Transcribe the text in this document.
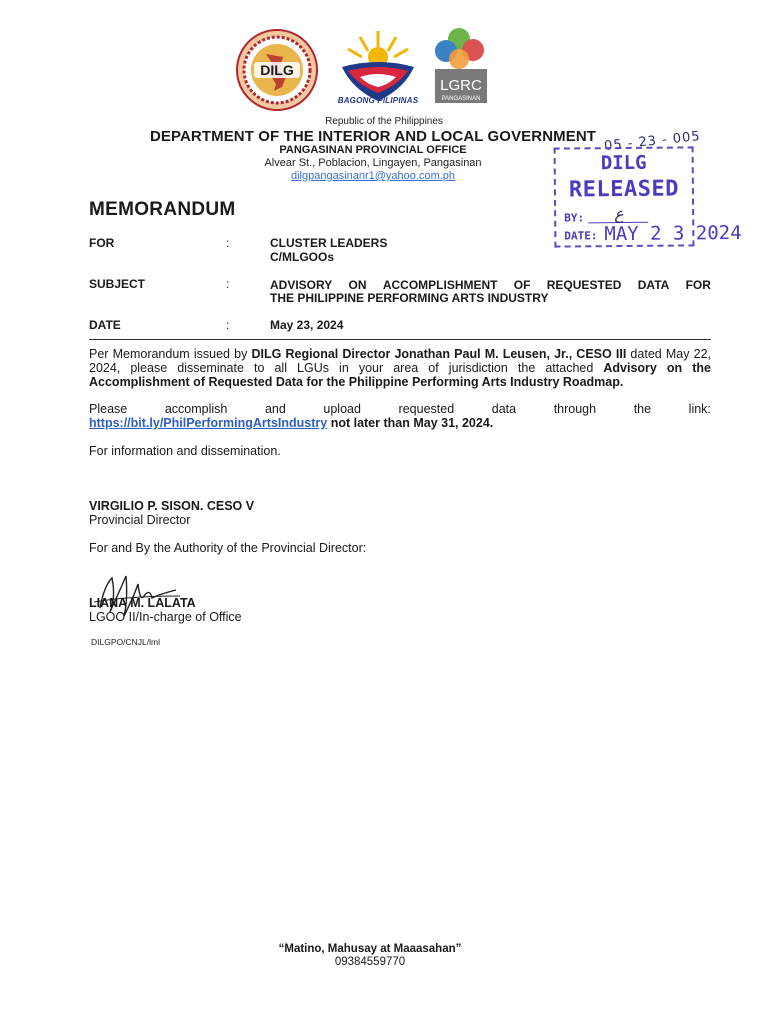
DILG
BAGONG PILIPINAS
LGRC
PANGASINAN
Republic of the Philippines
DEPARTMENT OF THE INTERIOR AND LOCAL GOVERNMENT
PANGASINAN PROVINCIAL OFFICE
Alvear St., Poblacion, Lingayen, Pangasinan
dilgpangasinanr1@yahoo.com.ph
05 - 23 - 005
DILG
RELEASED
BY: ع
DATE: MAY 2 3 2024
MEMORANDUM
FOR	:	CLUSTER LEADERS
C/MLGOOs
SUBJECT	:	ADVISORY ON ACCOMPLISHMENT OF REQUESTED DATA FOR
THE PHILIPPINE PERFORMING ARTS INDUSTRY
DATE	:	May 23, 2024
Per Memorandum issued by DILG Regional Director Jonathan Paul M. Leusen, Jr., CESO III dated May 22, 2024, please disseminate to all LGUs in your area of jurisdiction the attached Advisory on the Accomplishment of Requested Data for the Philippine Performing Arts Industry Roadmap.
Please	accomplish	and	upload	requested	data	through	the	link:
https://bit.ly/PhilPerformingArtsIndustry not later than May 31, 2024.
For information and dissemination.
VIRGILIO P. SISON. CESO V
Provincial Director
For and By the Authority of the Provincial Director:
LIANA M. LALATA
LGOO II/In-charge of Office
DILGPO/CNJL/lml
“Matino, Mahusay at Maaasahan”
09384559770
